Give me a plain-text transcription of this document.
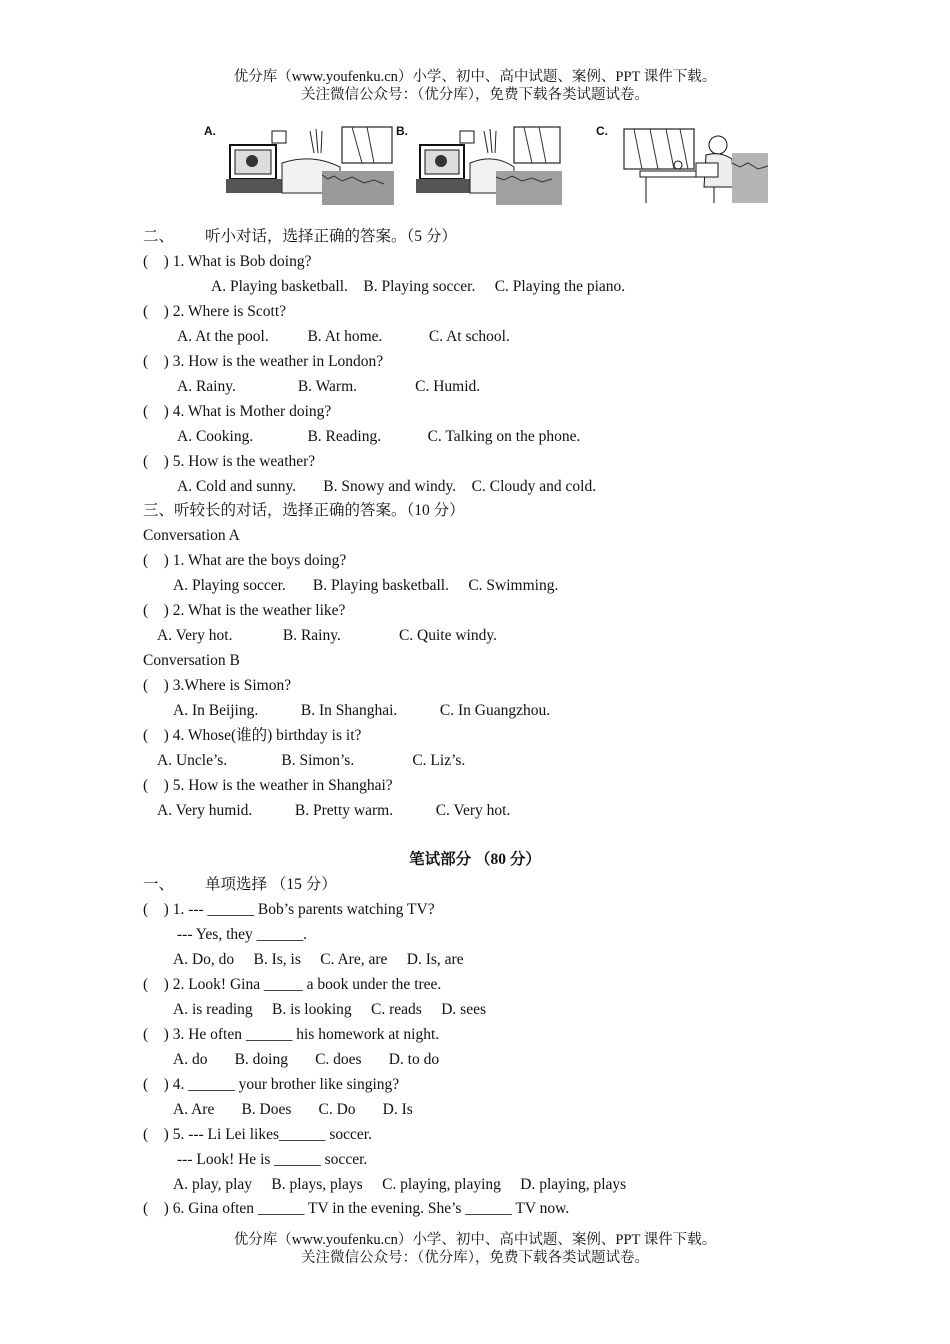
优分库（www.youfenku.cn）小学、初中、高中试题、案例、PPT 课件下载。
关注微信公众号：（优分库），免费下载各类试题试卷。
A.	B.	C.
二、        听小对话，选择正确的答案。（5 分）
(    ) 1. What is Bob doing?
A. Playing basketball.    B. Playing soccer.     C. Playing the piano.
(    ) 2. Where is Scott?
A. At the pool.          B. At home.            C. At school.
(    ) 3. How is the weather in London?
A. Rainy.                B. Warm.               C. Humid.
(    ) 4. What is Mother doing?
A. Cooking.              B. Reading.            C. Talking on the phone.
(    ) 5. How is the weather?
A. Cold and sunny.       B. Snowy and windy.    C. Cloudy and cold.
三、听较长的对话，选择正确的答案。（10 分）
Conversation A
(    ) 1. What are the boys doing?
A. Playing soccer.       B. Playing basketball.     C. Swimming.
(    ) 2. What is the weather like?
A. Very hot.             B. Rainy.               C. Quite windy.
Conversation B
(    ) 3.Where is Simon?
A. In Beijing.           B. In Shanghai.           C. In Guangzhou.
(    ) 4. Whose(谁的) birthday is it?
A. Uncle’s.              B. Simon’s.               C. Liz’s.
(    ) 5. How is the weather in Shanghai?
A. Very humid.           B. Pretty warm.           C. Very hot.
笔试部分 （80 分）
一、        单项选择 （15 分）
(    ) 1. --- ______ Bob’s parents watching TV?
--- Yes, they ______.
A. Do, do     B. Is, is     C. Are, are     D. Is, are
(    ) 2. Look! Gina _____ a book under the tree.
A. is reading     B. is looking     C. reads     D. sees
(    ) 3. He often ______ his homework at night.
A. do       B. doing       C. does       D. to do
(    ) 4. ______ your brother like singing?
A. Are       B. Does       C. Do       D. Is
(    ) 5. --- Li Lei likes______ soccer.
--- Look! He is ______ soccer.
A. play, play     B. plays, plays     C. playing, playing     D. playing, plays
(    ) 6. Gina often ______ TV in the evening. She’s ______ TV now.
优分库（www.youfenku.cn）小学、初中、高中试题、案例、PPT 课件下载。
关注微信公众号：（优分库），免费下载各类试题试卷。
